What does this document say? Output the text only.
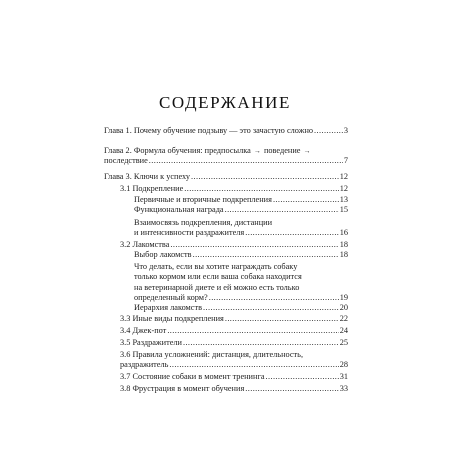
СОДЕРЖАНИЕ
Глава 1. Почему обучение подзыву — это зачастую сложно .....	3
Глава 2. Формула обучения: предпосылка → поведение →
последствие .....	7
Глава 3. Ключи к успеху .....	12
3.1 Подкрепление .....	12
Первичные и вторичные подкрепления .....	13
Функциональная награда .....	15
Взаимосвязь подкрепления, дистанции
и интенсивности раздражителя .....	16
3.2 Лакомства .....	18
Выбор лакомств .....	18
Что делать, если вы хотите награждать собаку
только кормом или если ваша собака находится
на ветеринарной диете и ей можно есть только
определенный корм? .....	19
Иерархия лакомств .....	20
3.3 Иные виды подкрепления .....	22
3.4 Джек-пот .....	24
3.5 Раздражители .....	25
3.6 Правила усложнений: дистанция, длительность,
раздражитель .....	28
3.7 Состояние собаки в момент тренинга .....	31
3.8 Фрустрация в момент обучения .....	33
